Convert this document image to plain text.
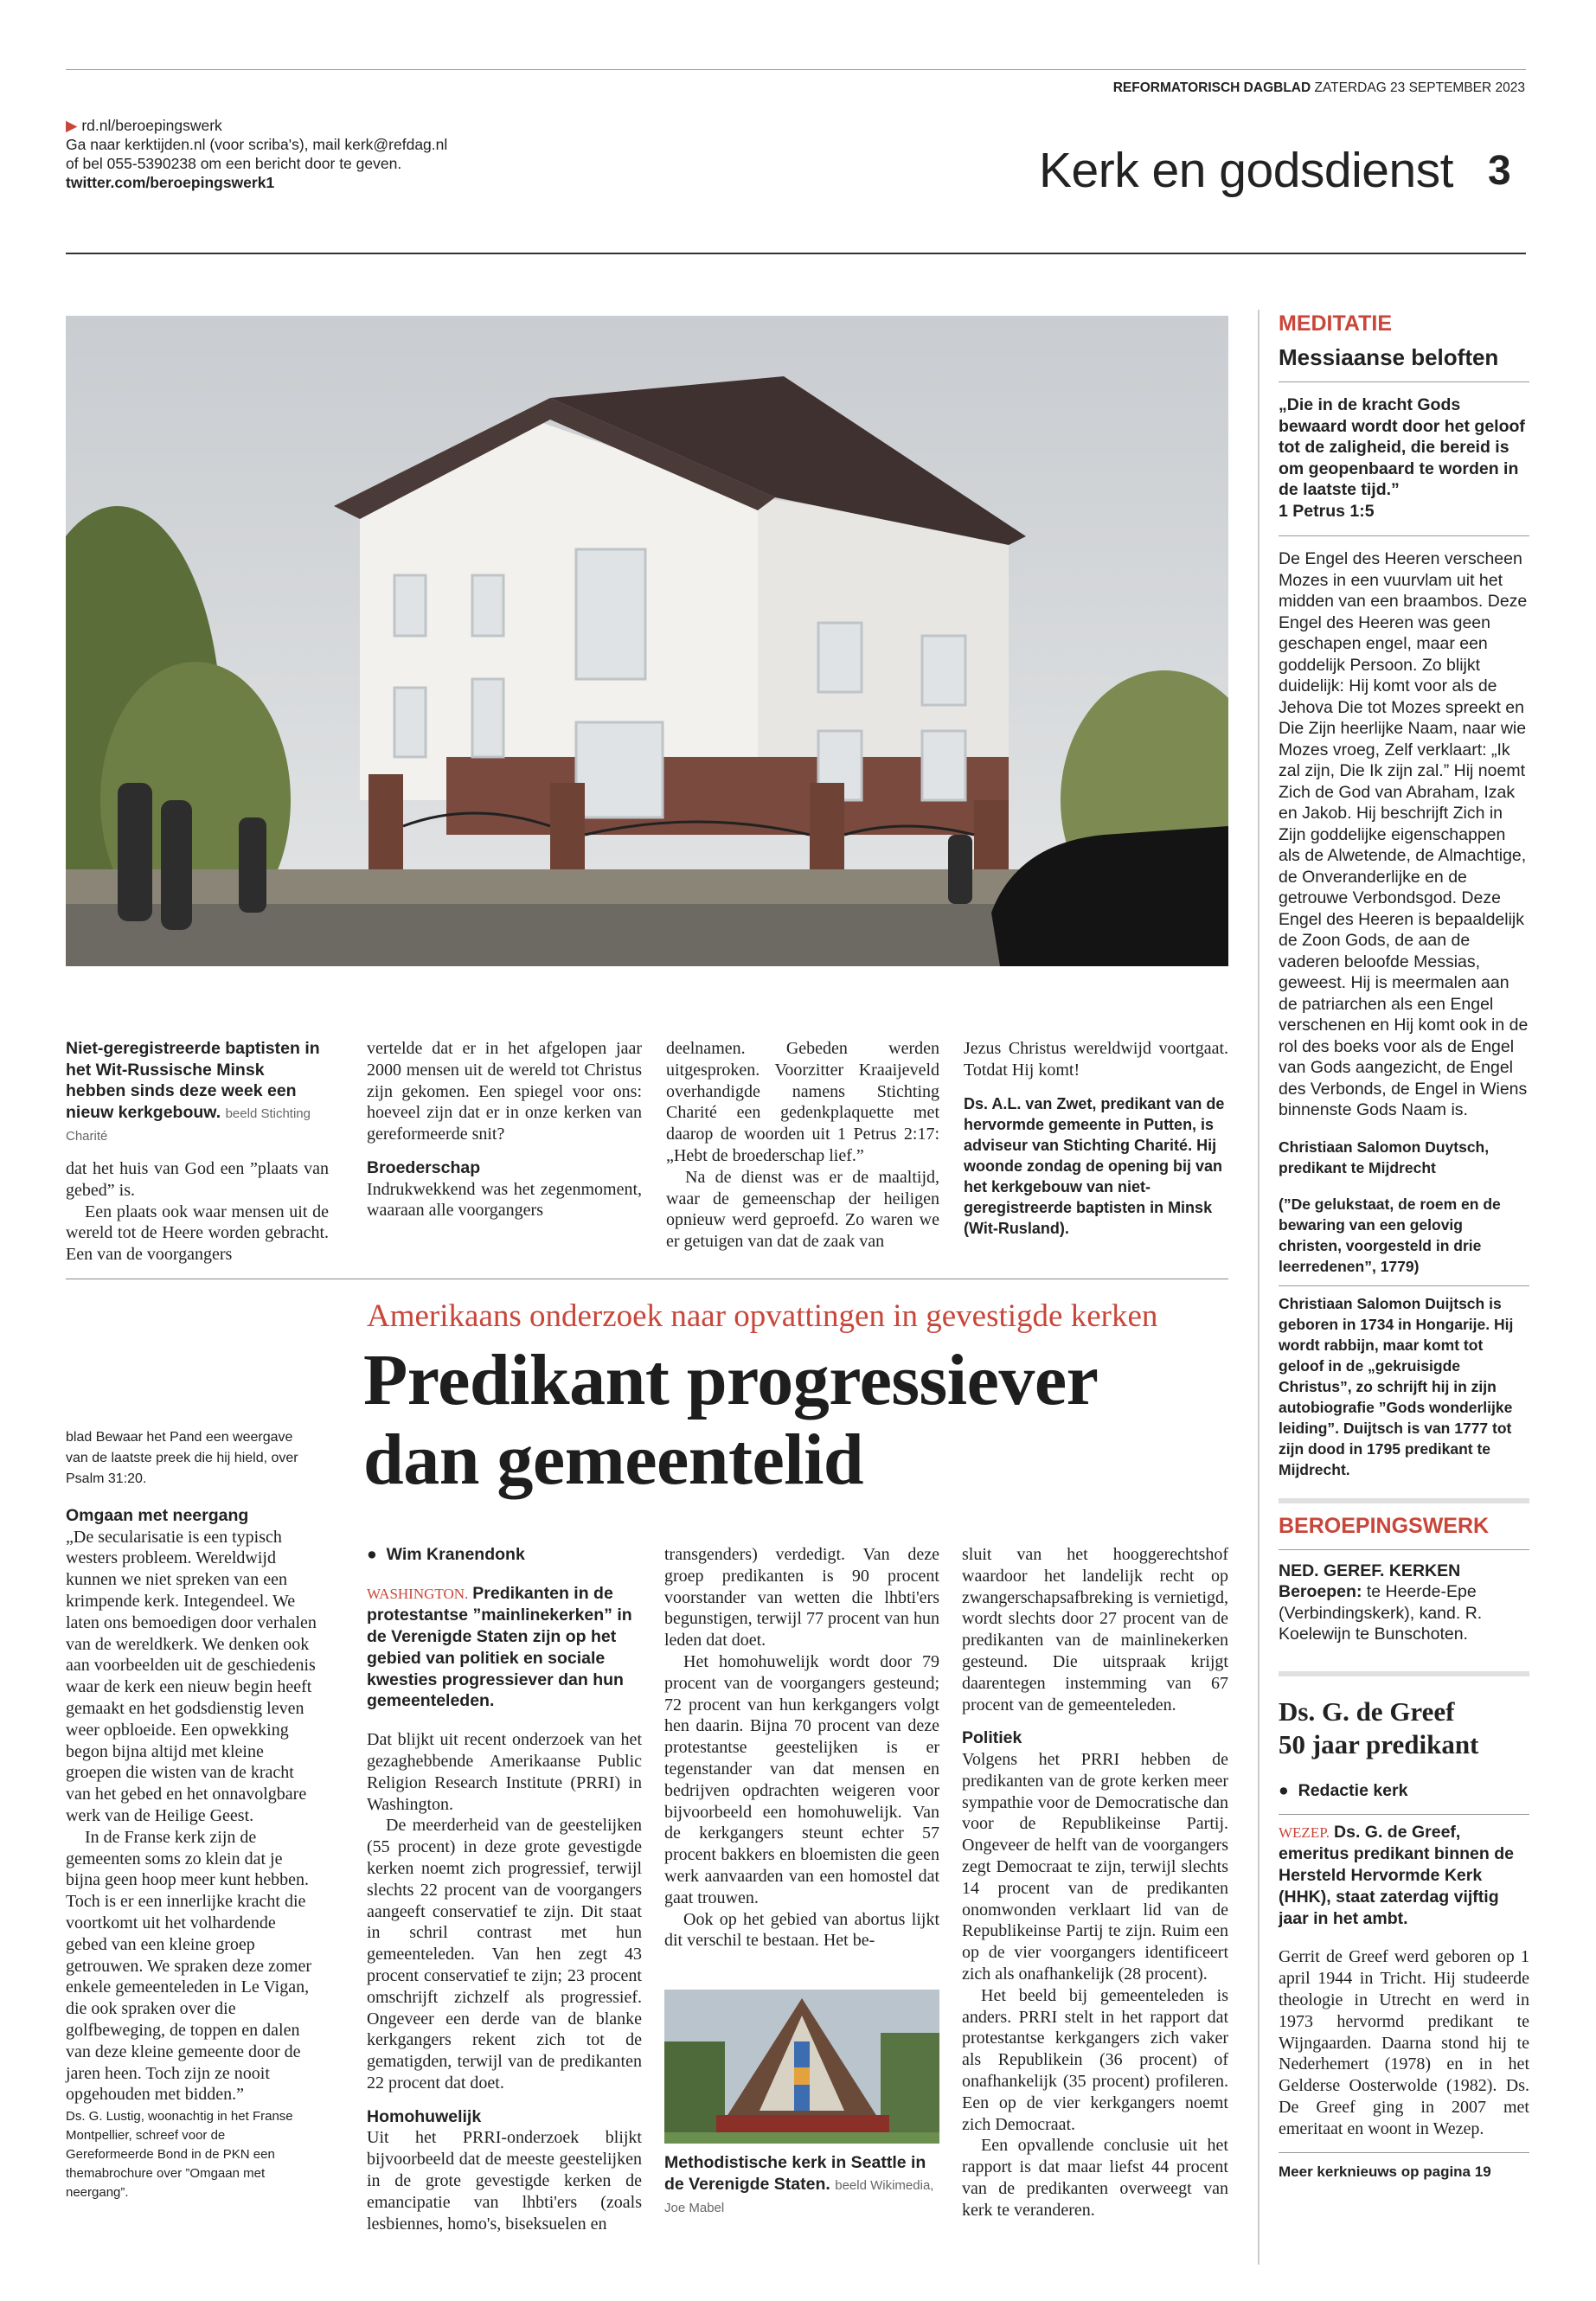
▶ rd.nl/beroepingswerk
Ga naar kerktijden.nl (voor scriba's), mail kerk@refdag.nl
of bel 055-5390238 om een bericht door te geven.
twitter.com/beroepingswerk1
REFORMATORISCH DAGBLAD ZATERDAG 23 SEPTEMBER 2023
Kerk en godsdienst 3
Niet-geregistreerde baptisten in het Wit-Russische Minsk hebben sinds deze week een nieuw kerkgebouw. beeld Stichting Charité

dat het huis van God een ”plaats van gebed” is.

Een plaats ook waar mensen uit de wereld tot de Heere worden gebracht. Een van de voorgangers

vertelde dat er in het afgelopen jaar 2000 mensen uit de wereld tot Christus zijn gekomen. Een spiegel voor ons: hoeveel zijn dat er in onze kerken van gereformeerde snit?

Broederschap

Indrukwekkend was het zegenmoment, waaraan alle voorgangers

deelnamen. Gebeden werden uitgesproken. Voorzitter Kraaijeveld overhandigde namens Stichting Charité een gedenkplaquette met daarop de woorden uit 1 Petrus 2:17: „Hebt de broederschap lief.”

Na de dienst was er de maaltijd, waar de gemeenschap der heiligen opnieuw werd geproefd. Zo waren we er getuigen van dat de zaak van

Jezus Christus wereldwijd voortgaat. Totdat Hij komt!

Ds. A.L. van Zwet, predikant van de hervormde gemeente in Putten, is adviseur van Stichting Charité. Hij woonde zondag de opening bij van het kerkgebouw van niet-geregistreerde baptisten in Minsk (Wit-Rusland).

blad Bewaar het Pand een weergave van de laatste preek die hij hield, over Psalm 31:20.

Omgaan met neergang

„De secularisatie is een typisch westers probleem. Wereldwijd kunnen we niet spreken van een krimpende kerk. Integendeel. We laten ons bemoedigen door verhalen van de wereldkerk. We denken ook aan voorbeelden uit de geschiedenis waar de kerk een nieuw begin heeft gemaakt en het godsdienstig leven weer opbloeide. Een opwekking begon bijna altijd met kleine groepen die wisten van de kracht van het gebed en het onnavolgbare werk van de Heilige Geest.

In de Franse kerk zijn de gemeenten soms zo klein dat je bijna geen hoop meer kunt hebben. Toch is er een innerlijke kracht die voortkomt uit het volhardende gebed van een kleine groep getrouwen. We spraken deze zomer enkele gemeenteleden in Le Vigan, die ook spraken over die golfbeweging, de toppen en dalen van deze kleine gemeente door de jaren heen. Toch zijn ze nooit opgehouden met bidden.”

Ds. G. Lustig, woonachtig in het Franse Montpellier, schreef voor de Gereformeerde Bond in de PKN een themabrochure over ”Omgaan met neergang”.

Amerikaans onderzoek naar opvattingen in gevestigde kerken
Predikant progressiever
dan gemeentelid

● Wim Kranendonk

WASHINGTON. Predikanten in de protestantse ”mainlinekerken” in de Verenigde Staten zijn op het gebied van politiek en sociale kwesties progressiever dan hun gemeenteleden.

Dat blijkt uit recent onderzoek van het gezaghebbende Amerikaanse Public Religion Research Institute (PRRI) in Washington.

De meerderheid van de geestelijken (55 procent) in deze grote gevestigde kerken noemt zich progressief, terwijl slechts 22 procent van de voorgangers aangeeft conservatief te zijn. Dit staat in schril contrast met hun gemeenteleden. Van hen zegt 43 procent conservatief te zijn; 23 procent omschrijft zichzelf als progressief. Ongeveer een derde van de blanke kerkgangers rekent zich tot de gematigden, terwijl van de predikanten 22 procent dat doet.

Homohuwelijk

Uit het PRRI-onderzoek blijkt bijvoorbeeld dat de meeste geestelijken in de grote gevestigde kerken de emancipatie van lhbti'ers (zoals lesbiennes, homo's, biseksuelen en

transgenders) verdedigt. Van deze groep predikanten is 90 procent voorstander van wetten die lhbti'ers begunstigen, terwijl 77 procent van hun leden dat doet.

Het homohuwelijk wordt door 79 procent van de voorgangers gesteund; 72 procent van hun kerkgangers volgt hen daarin. Bijna 70 procent van deze protestantse geestelijken is er tegenstander van dat mensen en bedrijven opdrachten weigeren voor bijvoorbeeld een homohuwelijk. Van de kerkgangers steunt echter 57 procent bakkers en bloemisten die geen werk aanvaarden van een homostel dat gaat trouwen.

Ook op het gebied van abortus lijkt dit verschil te bestaan. Het be-

Methodistische kerk in Seattle in de Verenigde Staten. beeld Wikimedia, Joe Mabel

sluit van het hooggerechtshof waardoor het landelijk recht op zwangerschapsafbreking is vernietigd, wordt slechts door 27 procent van de predikanten van de mainlinekerken gesteund. Die uitspraak krijgt daarentegen instemming van 67 procent van de gemeenteleden.

Politiek

Volgens het PRRI hebben de predikanten van de grote kerken meer sympathie voor de Democratische dan voor de Republikeinse Partij. Ongeveer de helft van de voorgangers zegt Democraat te zijn, terwijl slechts 14 procent van de predikanten onomwonden verklaart lid van de Republikeinse Partij te zijn. Ruim een op de vier voorgangers identificeert zich als onafhankelijk (28 procent).

Het beeld bij gemeenteleden is anders. PRRI stelt in het rapport dat protestantse kerkgangers zich vaker als Republikein (36 procent) of onafhankelijk (35 procent) profileren. Een op de vier kerkgangers noemt zich Democraat.

Een opvallende conclusie uit het rapport is dat maar liefst 44 procent van de predikanten overweegt van kerk te veranderen.

MEDITATIE
Messiaanse beloften

„Die in de kracht Gods bewaard wordt door het geloof tot de zaligheid, die bereid is om geopenbaard te worden in de laatste tijd.”

1 Petrus 1:5

De Engel des Heeren verscheen Mozes in een vuurvlam uit het midden van een braambos. Deze Engel des Heeren was geen geschapen engel, maar een goddelijk Persoon. Zo blijkt duidelijk: Hij komt voor als de Jehova Die tot Mozes spreekt en Die Zijn heerlijke Naam, naar wie Mozes vroeg, Zelf verklaart: „Ik zal zijn, Die Ik zijn zal.” Hij noemt Zich de God van Abraham, Izak en Jakob. Hij beschrijft Zich in Zijn goddelijke eigenschappen als de Alwetende, de Almachtige, de Onveranderlijke en de getrouwe Verbondsgod. Deze Engel des Heeren is bepaaldelijk de Zoon Gods, de aan de vaderen beloofde Messias, geweest. Hij is meermalen aan de patriarchen als een Engel verschenen en Hij komt ook in de rol des boeks voor als de Engel van Gods aangezicht, de Engel des Verbonds, de Engel in Wiens binnenste Gods Naam is.

Christiaan Salomon Duytsch, predikant te Mijdrecht

(”De gelukstaat, de roem en de bewaring van een gelovig christen, voorgesteld in drie leerredenen”, 1779)

Christiaan Salomon Duijtsch is geboren in 1734 in Hongarije. Hij wordt rabbijn, maar komt tot geloof in de „gekruisigde Christus”, zo schrijft hij in zijn autobiografie ”Gods wonderlijke leiding”. Duijtsch is van 1777 tot zijn dood in 1795 predikant te Mijdrecht.

BEROEPINGSWERK

NED. GEREF. KERKEN

Beroepen: te Heerde-Epe (Verbindingskerk), kand. R. Koelewijn te Bunschoten.

Ds. G. de Greef
50 jaar predikant

● Redactie kerk

WEZEP. Ds. G. de Greef, emeritus predikant binnen de Hersteld Hervormde Kerk (HHK), staat zaterdag vijftig jaar in het ambt.

Gerrit de Greef werd geboren op 1 april 1944 in Tricht. Hij studeerde theologie in Utrecht en werd in 1973 hervormd predikant te Wijngaarden. Daarna stond hij te Nederhemert (1978) en in het Gelderse Oosterwolde (1982). Ds. De Greef ging in 2007 met emeritaat en woont in Wezep.

Meer kerknieuws op pagina 19
